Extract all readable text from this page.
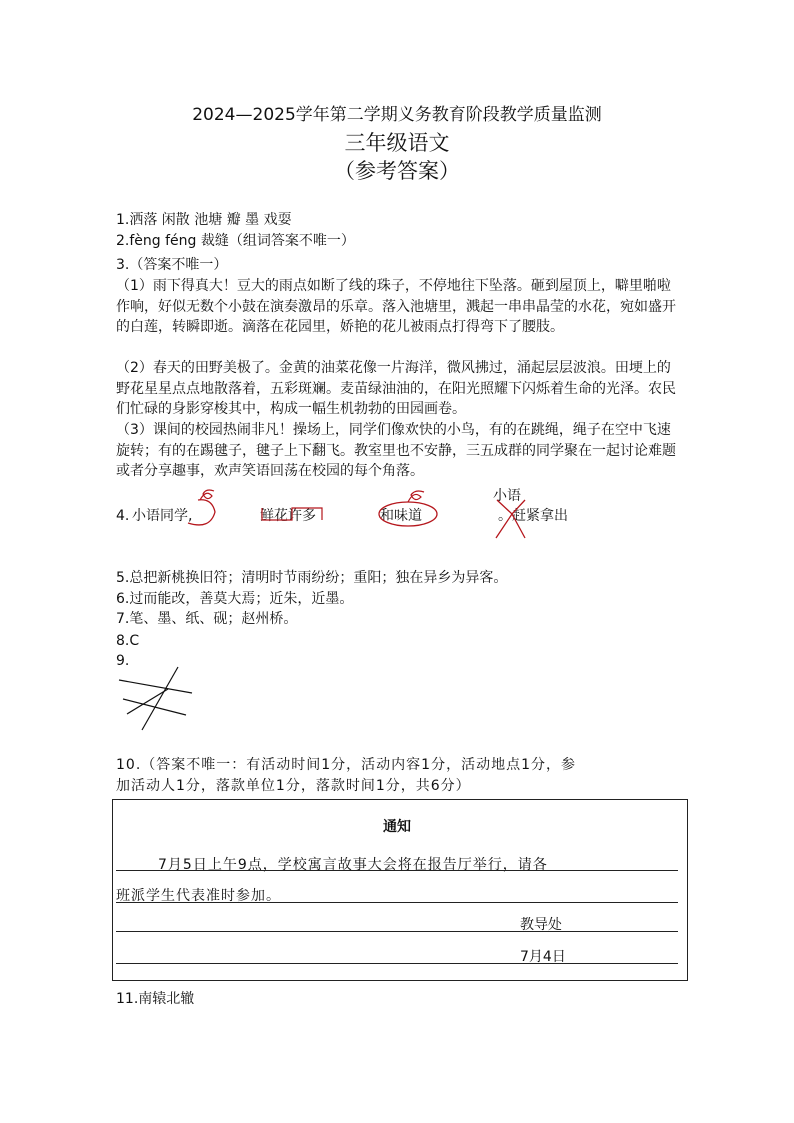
2024—2025学年第二学期义务教育阶段教学质量监测
三年级语文
（参考答案）
1.洒落 闲散 池塘 瓣 墨 戏耍
2.fèng féng 裁缝（组词答案不唯一）
3.（答案不唯一）
（1）雨下得真大！豆大的雨点如断了线的珠子，不停地往下坠落。砸到屋顶上，噼里啪啦作响，好似无数个小鼓在演奏激昂的乐章。落入池塘里，溅起一串串晶莹的水花，宛如盛开的白莲，转瞬即逝。滴落在花园里，娇艳的花儿被雨点打得弯下了腰肢。
（2）春天的田野美极了。金黄的油菜花像一片海洋，微风拂过，涌起层层波浪。田埂上的野花星星点点地散落着，五彩斑斓。麦苗绿油油的，在阳光照耀下闪烁着生命的光泽。农民们忙碌的身影穿梭其中，构成一幅生机勃勃的田园画卷。
（3）课间的校园热闹非凡！操场上，同学们像欢快的小鸟，有的在跳绳，绳子在空中飞速旋转；有的在踢毽子，毽子上下翻飞。教室里也不安静，三五成群的同学聚在一起讨论难题或者分享趣事，欢声笑语回荡在校园的每个角落。
4. 小语同学,	鲜花许多	和味道	。赶紧拿出
小语
5.总把新桃换旧符；清明时节雨纷纷；重阳；独在异乡为异客。
6.过而能改，善莫大焉；近朱，近墨。
7.笔、墨、纸、砚；赵州桥。
8.C
9.
10.（答案不唯一：有活动时间1分，活动内容1分，活动地点1分，参
加活动人1分，落款单位1分，落款时间1分，共6分）
通知
7月5日上午9点，学校寓言故事大会将在报告厅举行，请各
班派学生代表准时参加。
教导处
7月4日
11.南辕北辙
